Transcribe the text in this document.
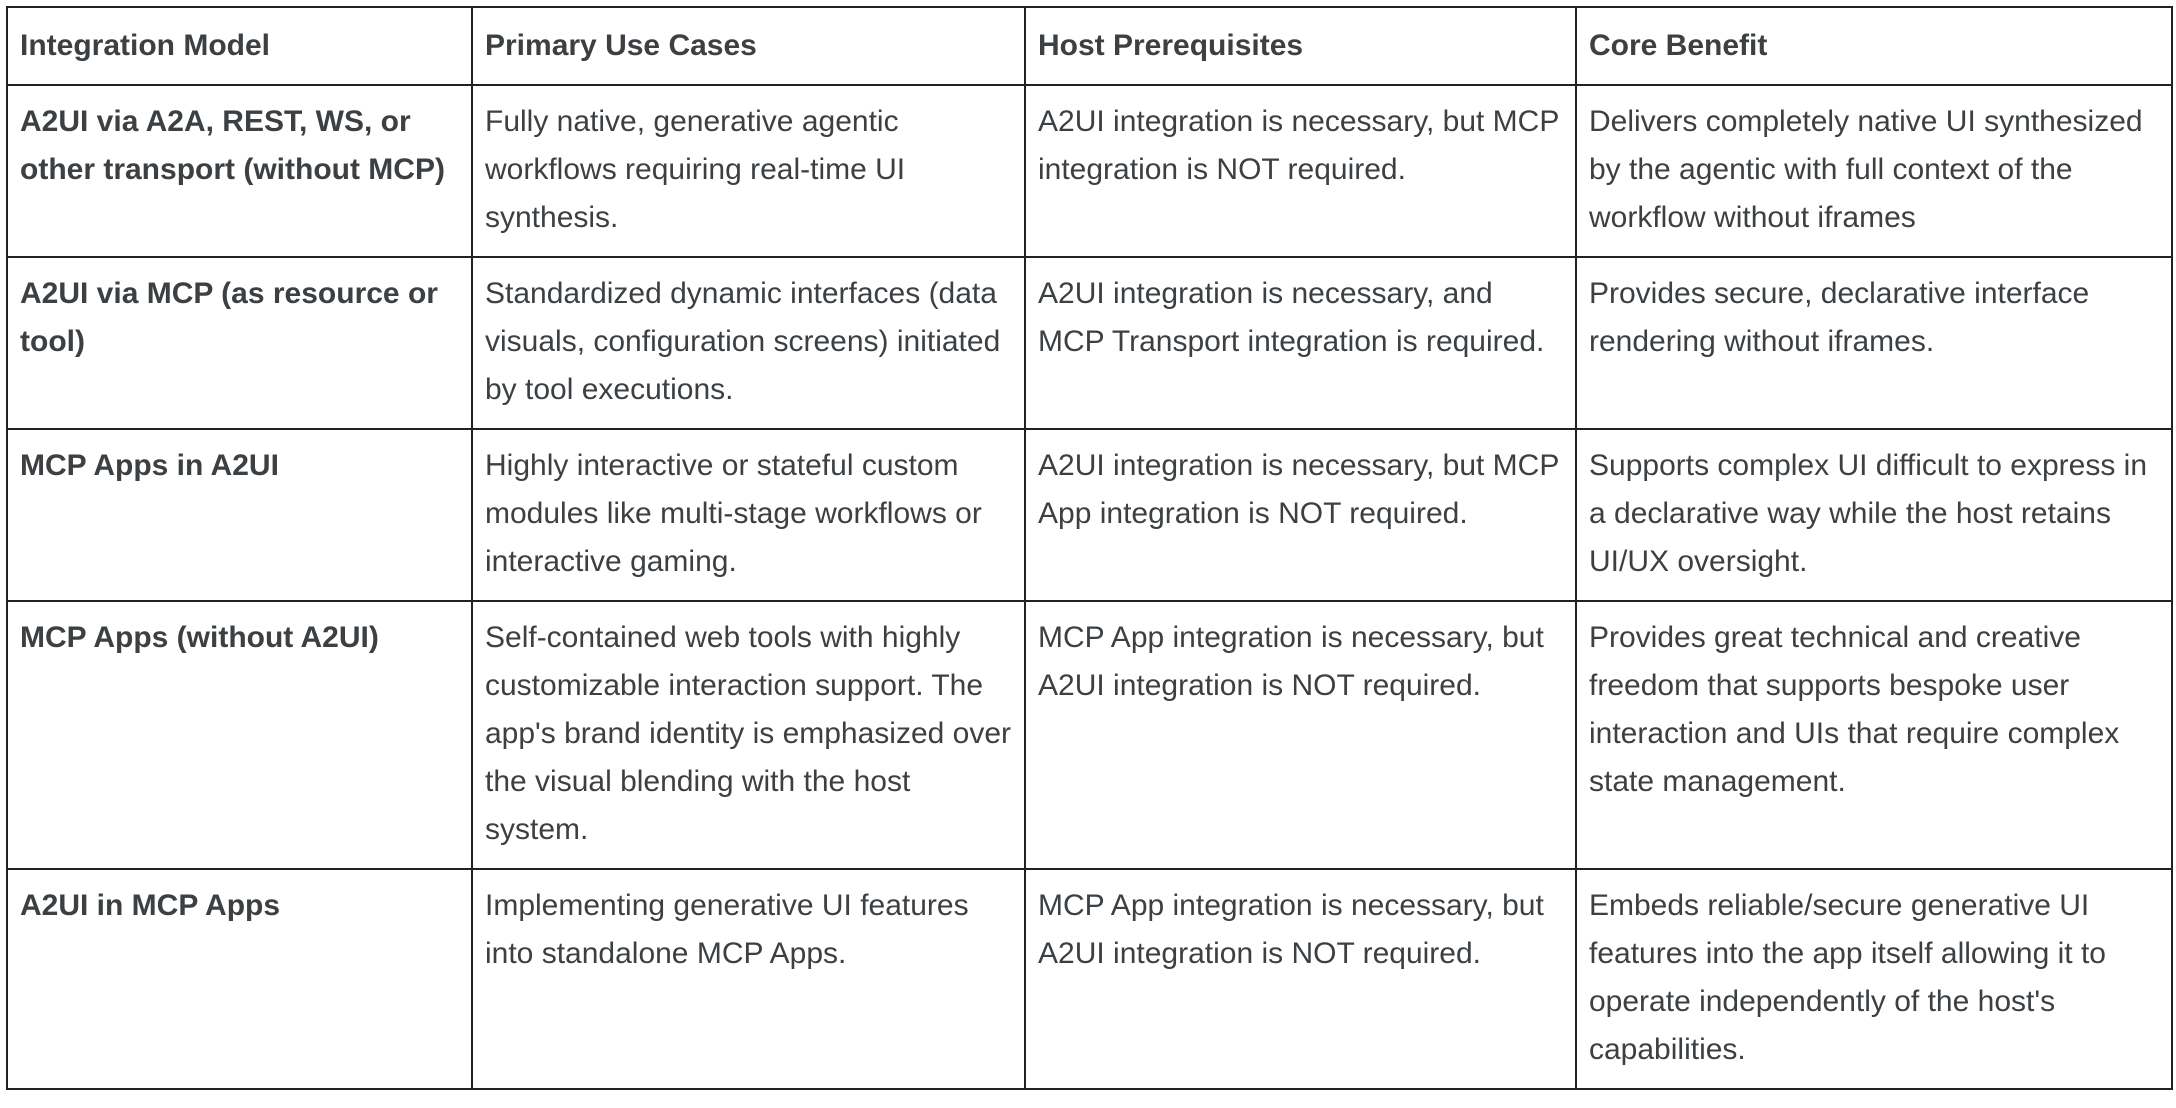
Integration Model	Primary Use Cases	Host Prerequisites	Core Benefit
A2UI via A2A, REST, WS, or other transport (without MCP)	Fully native, generative agentic workflows requiring real-time UI synthesis.	A2UI integration is necessary, but MCP integration is NOT required.	Delivers completely native UI synthesized by the agentic with full context of the workflow without iframes
A2UI via MCP (as resource or tool)	Standardized dynamic interfaces (data visuals, configuration screens) initiated by tool executions.	A2UI integration is necessary, and MCP Transport integration is required.	Provides secure, declarative interface rendering without iframes.
MCP Apps in A2UI	Highly interactive or stateful custom modules like multi-stage workflows or interactive gaming.	A2UI integration is necessary, but MCP App integration is NOT required.	Supports complex UI difficult to express in a declarative way while the host retains UI/UX oversight.
MCP Apps (without A2UI)	Self-contained web tools with highly customizable interaction support. The app's brand identity is emphasized over the visual blending with the host system.	MCP App integration is necessary, but A2UI integration is NOT required.	Provides great technical and creative freedom that supports bespoke user interaction and UIs that require complex state management.
A2UI in MCP Apps	Implementing generative UI features into standalone MCP Apps.	MCP App integration is necessary, but A2UI integration is NOT required.	Embeds reliable/secure generative UI features into the app itself allowing it to operate independently of the host's capabilities.
